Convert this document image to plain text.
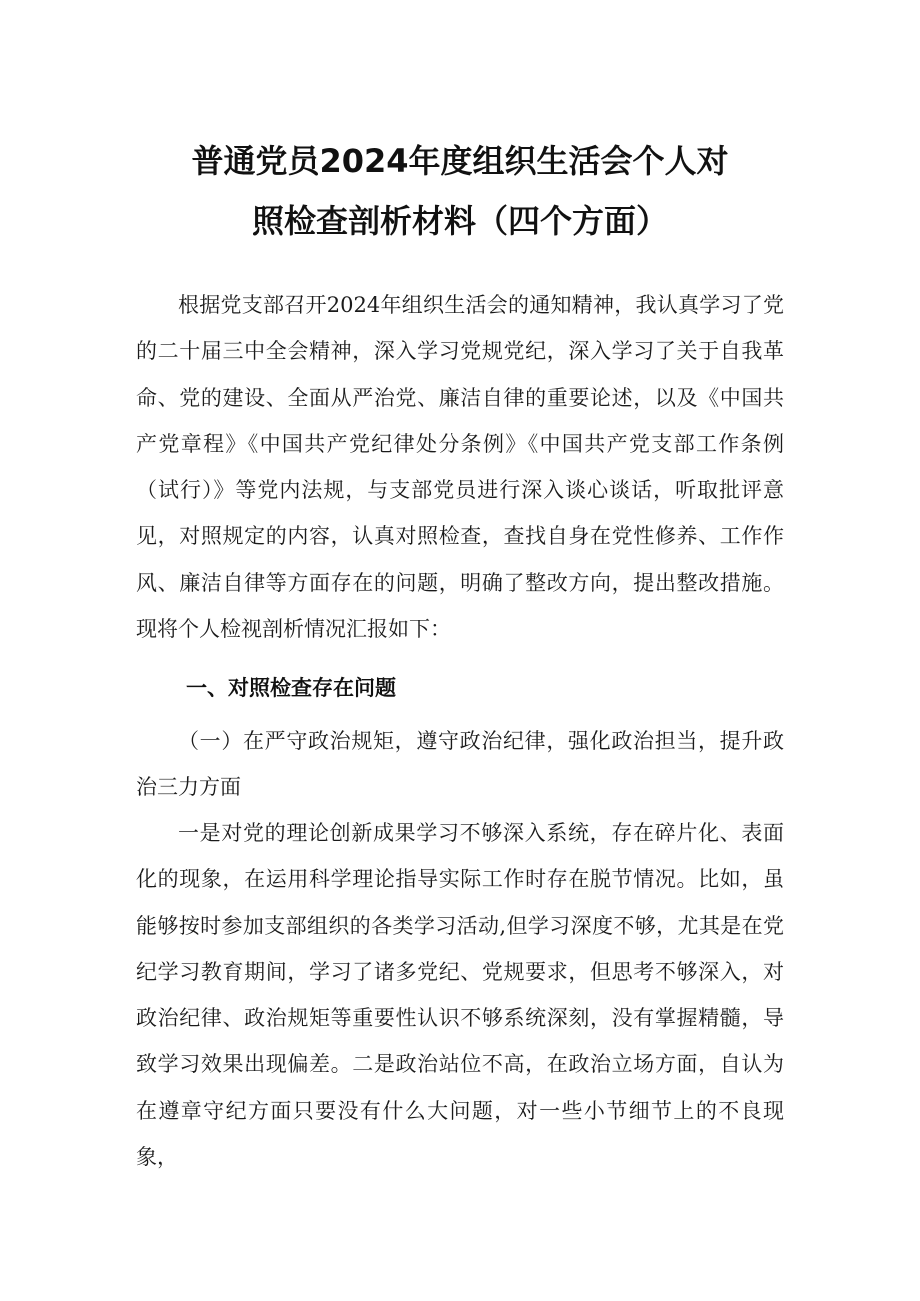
普通党员2024年度组织生活会个人对
照检查剖析材料（四个方面）

根据党支部召开2024年组织生活会的通知精神，我认真学习了党的二十届三中全会精神，深入学习党规党纪，深入学习了关于自我革命、党的建设、全面从严治党、廉洁自律的重要论述，以及《中国共产党章程》《中国共产党纪律处分条例》《中国共产党支部工作条例（试行）》等党内法规，与支部党员进行深入谈心谈话，听取批评意见，对照规定的内容，认真对照检查，查找自身在党性修养、工作作风、廉洁自律等方面存在的问题，明确了整改方向，提出整改措施。现将个人检视剖析情况汇报如下：

一、对照检查存在问题

（一）在严守政治规矩，遵守政治纪律，强化政治担当，提升政治三力方面

一是对党的理论创新成果学习不够深入系统，存在碎片化、表面化的现象，在运用科学理论指导实际工作时存在脱节情况。比如，虽能够按时参加支部组织的各类学习活动,但学习深度不够，尤其是在党纪学习教育期间，学习了诸多党纪、党规要求，但思考不够深入，对政治纪律、政治规矩等重要性认识不够系统深刻，没有掌握精髓，导致学习效果出现偏差。二是政治站位不高，在政治立场方面，自认为在遵章守纪方面只要没有什么大问题，对一些小节细节上的不良现象，
